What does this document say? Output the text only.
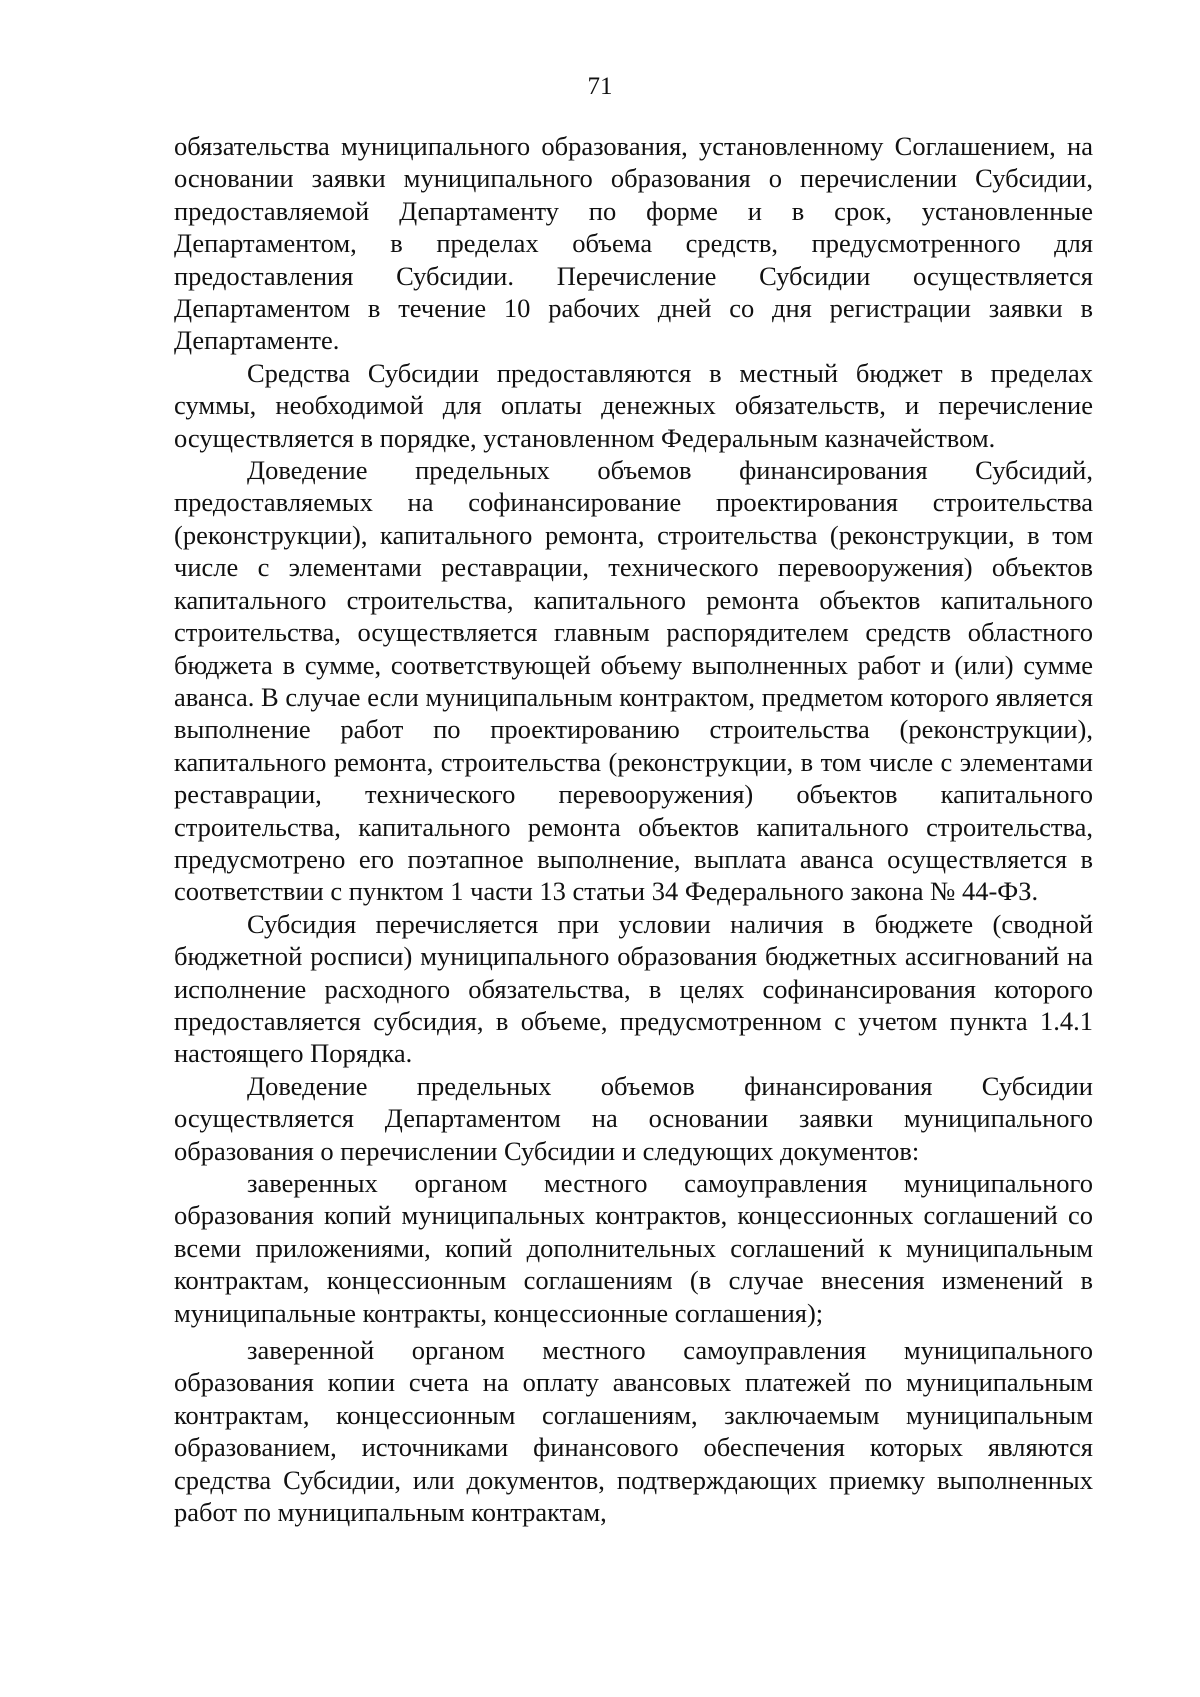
71

обязательства муниципального образования, установленному Соглашением, на основании заявки муниципального образования о перечислении Субсидии, предоставляемой Департаменту по форме и в срок, установленные Департаментом, в пределах объема средств, предусмотренного для предоставления Субсидии. Перечисление Субсидии осуществляется Департаментом в течение 10 рабочих дней со дня регистрации заявки в Департаменте.

Средства Субсидии предоставляются в местный бюджет в пределах суммы, необходимой для оплаты денежных обязательств, и перечисление осуществляется в порядке, установленном Федеральным казначейством.

Доведение предельных объемов финансирования Субсидий, предоставляемых на софинансирование проектирования строительства (реконструкции), капитального ремонта, строительства (реконструкции, в том числе с элементами реставрации, технического перевооружения) объектов капитального строительства, капитального ремонта объектов капитального строительства, осуществляется главным распорядителем средств областного бюджета в сумме, соответствующей объему выполненных работ и (или) сумме аванса. В случае если муниципальным контрактом, предметом которого является выполнение работ по проектированию строительства (реконструкции), капитального ремонта, строительства (реконструкции, в том числе с элементами реставрации, технического перевооружения) объектов капитального строительства, капитального ремонта объектов капитального строительства, предусмотрено его поэтапное выполнение, выплата аванса осуществляется в соответствии с пунктом 1 части 13 статьи 34 Федерального закона № 44-ФЗ.

Субсидия перечисляется при условии наличия в бюджете (сводной бюджетной росписи) муниципального образования бюджетных ассигнований на исполнение расходного обязательства, в целях софинансирования которого предоставляется субсидия, в объеме, предусмотренном с учетом пункта 1.4.1 настоящего Порядка.

Доведение предельных объемов финансирования Субсидии осуществляется Департаментом на основании заявки муниципального образования о перечислении Субсидии и следующих документов:

заверенных органом местного самоуправления муниципального образования копий муниципальных контрактов, концессионных соглашений со всеми приложениями, копий дополнительных соглашений к муниципальным контрактам, концессионным соглашениям (в случае внесения изменений в муниципальные контракты, концессионные соглашения);

заверенной органом местного самоуправления муниципального образования копии счета на оплату авансовых платежей по муниципальным контрактам, концессионным соглашениям, заключаемым муниципальным образованием, источниками финансового обеспечения которых являются средства Субсидии, или документов, подтверждающих приемку выполненных работ по муниципальным контрактам,
